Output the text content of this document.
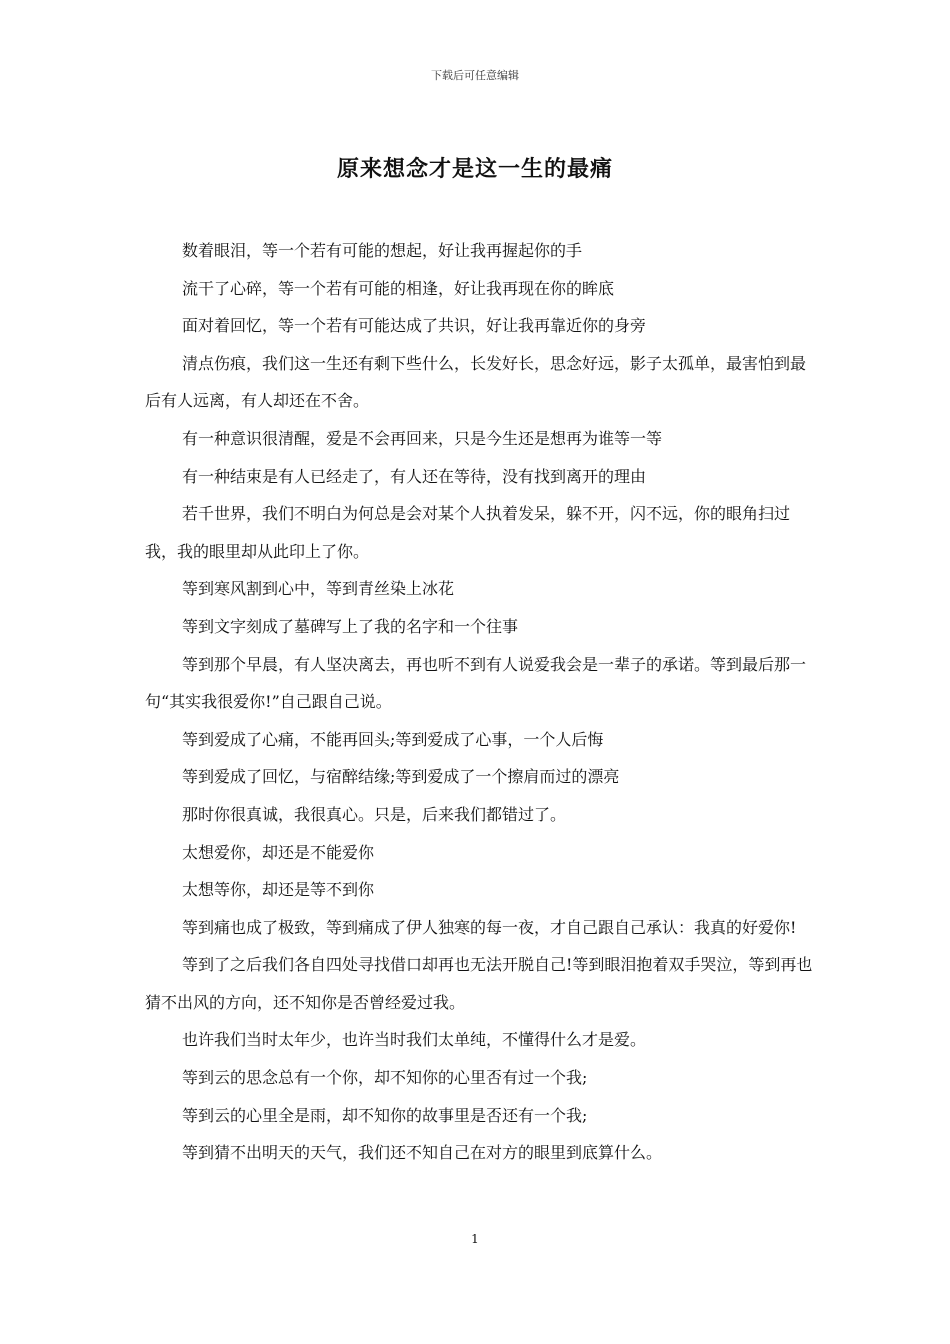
下载后可任意编辑
原来想念才是这一生的最痛

数着眼泪，等一个若有可能的想起，好让我再握起你的手

流干了心碎，等一个若有可能的相逢，好让我再现在你的眸底

面对着回忆，等一个若有可能达成了共识，好让我再靠近你的身旁

清点伤痕，我们这一生还有剩下些什么，长发好长，思念好远，影子太孤单，最害怕到最后有人远离，有人却还在不舍。

有一种意识很清醒，爱是不会再回来，只是今生还是想再为谁等一等

有一种结束是有人已经走了，有人还在等待，没有找到离开的理由

若千世界，我们不明白为何总是会对某个人执着发呆，躲不开，闪不远，你的眼角扫过我，我的眼里却从此印上了你。

等到寒风割到心中，等到青丝染上冰花

等到文字刻成了墓碑写上了我的名字和一个往事

等到那个早晨，有人坚决离去，再也听不到有人说爱我会是一辈子的承诺。等到最后那一句“其实我很爱你!”自己跟自己说。

等到爱成了心痛，不能再回头;等到爱成了心事，一个人后悔

等到爱成了回忆，与宿醉结缘;等到爱成了一个擦肩而过的漂亮

那时你很真诚，我很真心。只是，后来我们都错过了。

太想爱你，却还是不能爱你

太想等你，却还是等不到你

等到痛也成了极致，等到痛成了伊人独寒的每一夜，才自己跟自己承认：我真的好爱你!

等到了之后我们各自四处寻找借口却再也无法开脱自己!等到眼泪抱着双手哭泣，等到再也猜不出风的方向，还不知你是否曾经爱过我。

也许我们当时太年少，也许当时我们太单纯，不懂得什么才是爱。

等到云的思念总有一个你，却不知你的心里否有过一个我;

等到云的心里全是雨，却不知你的故事里是否还有一个我;

等到猜不出明天的天气，我们还不知自己在对方的眼里到底算什么。

1
